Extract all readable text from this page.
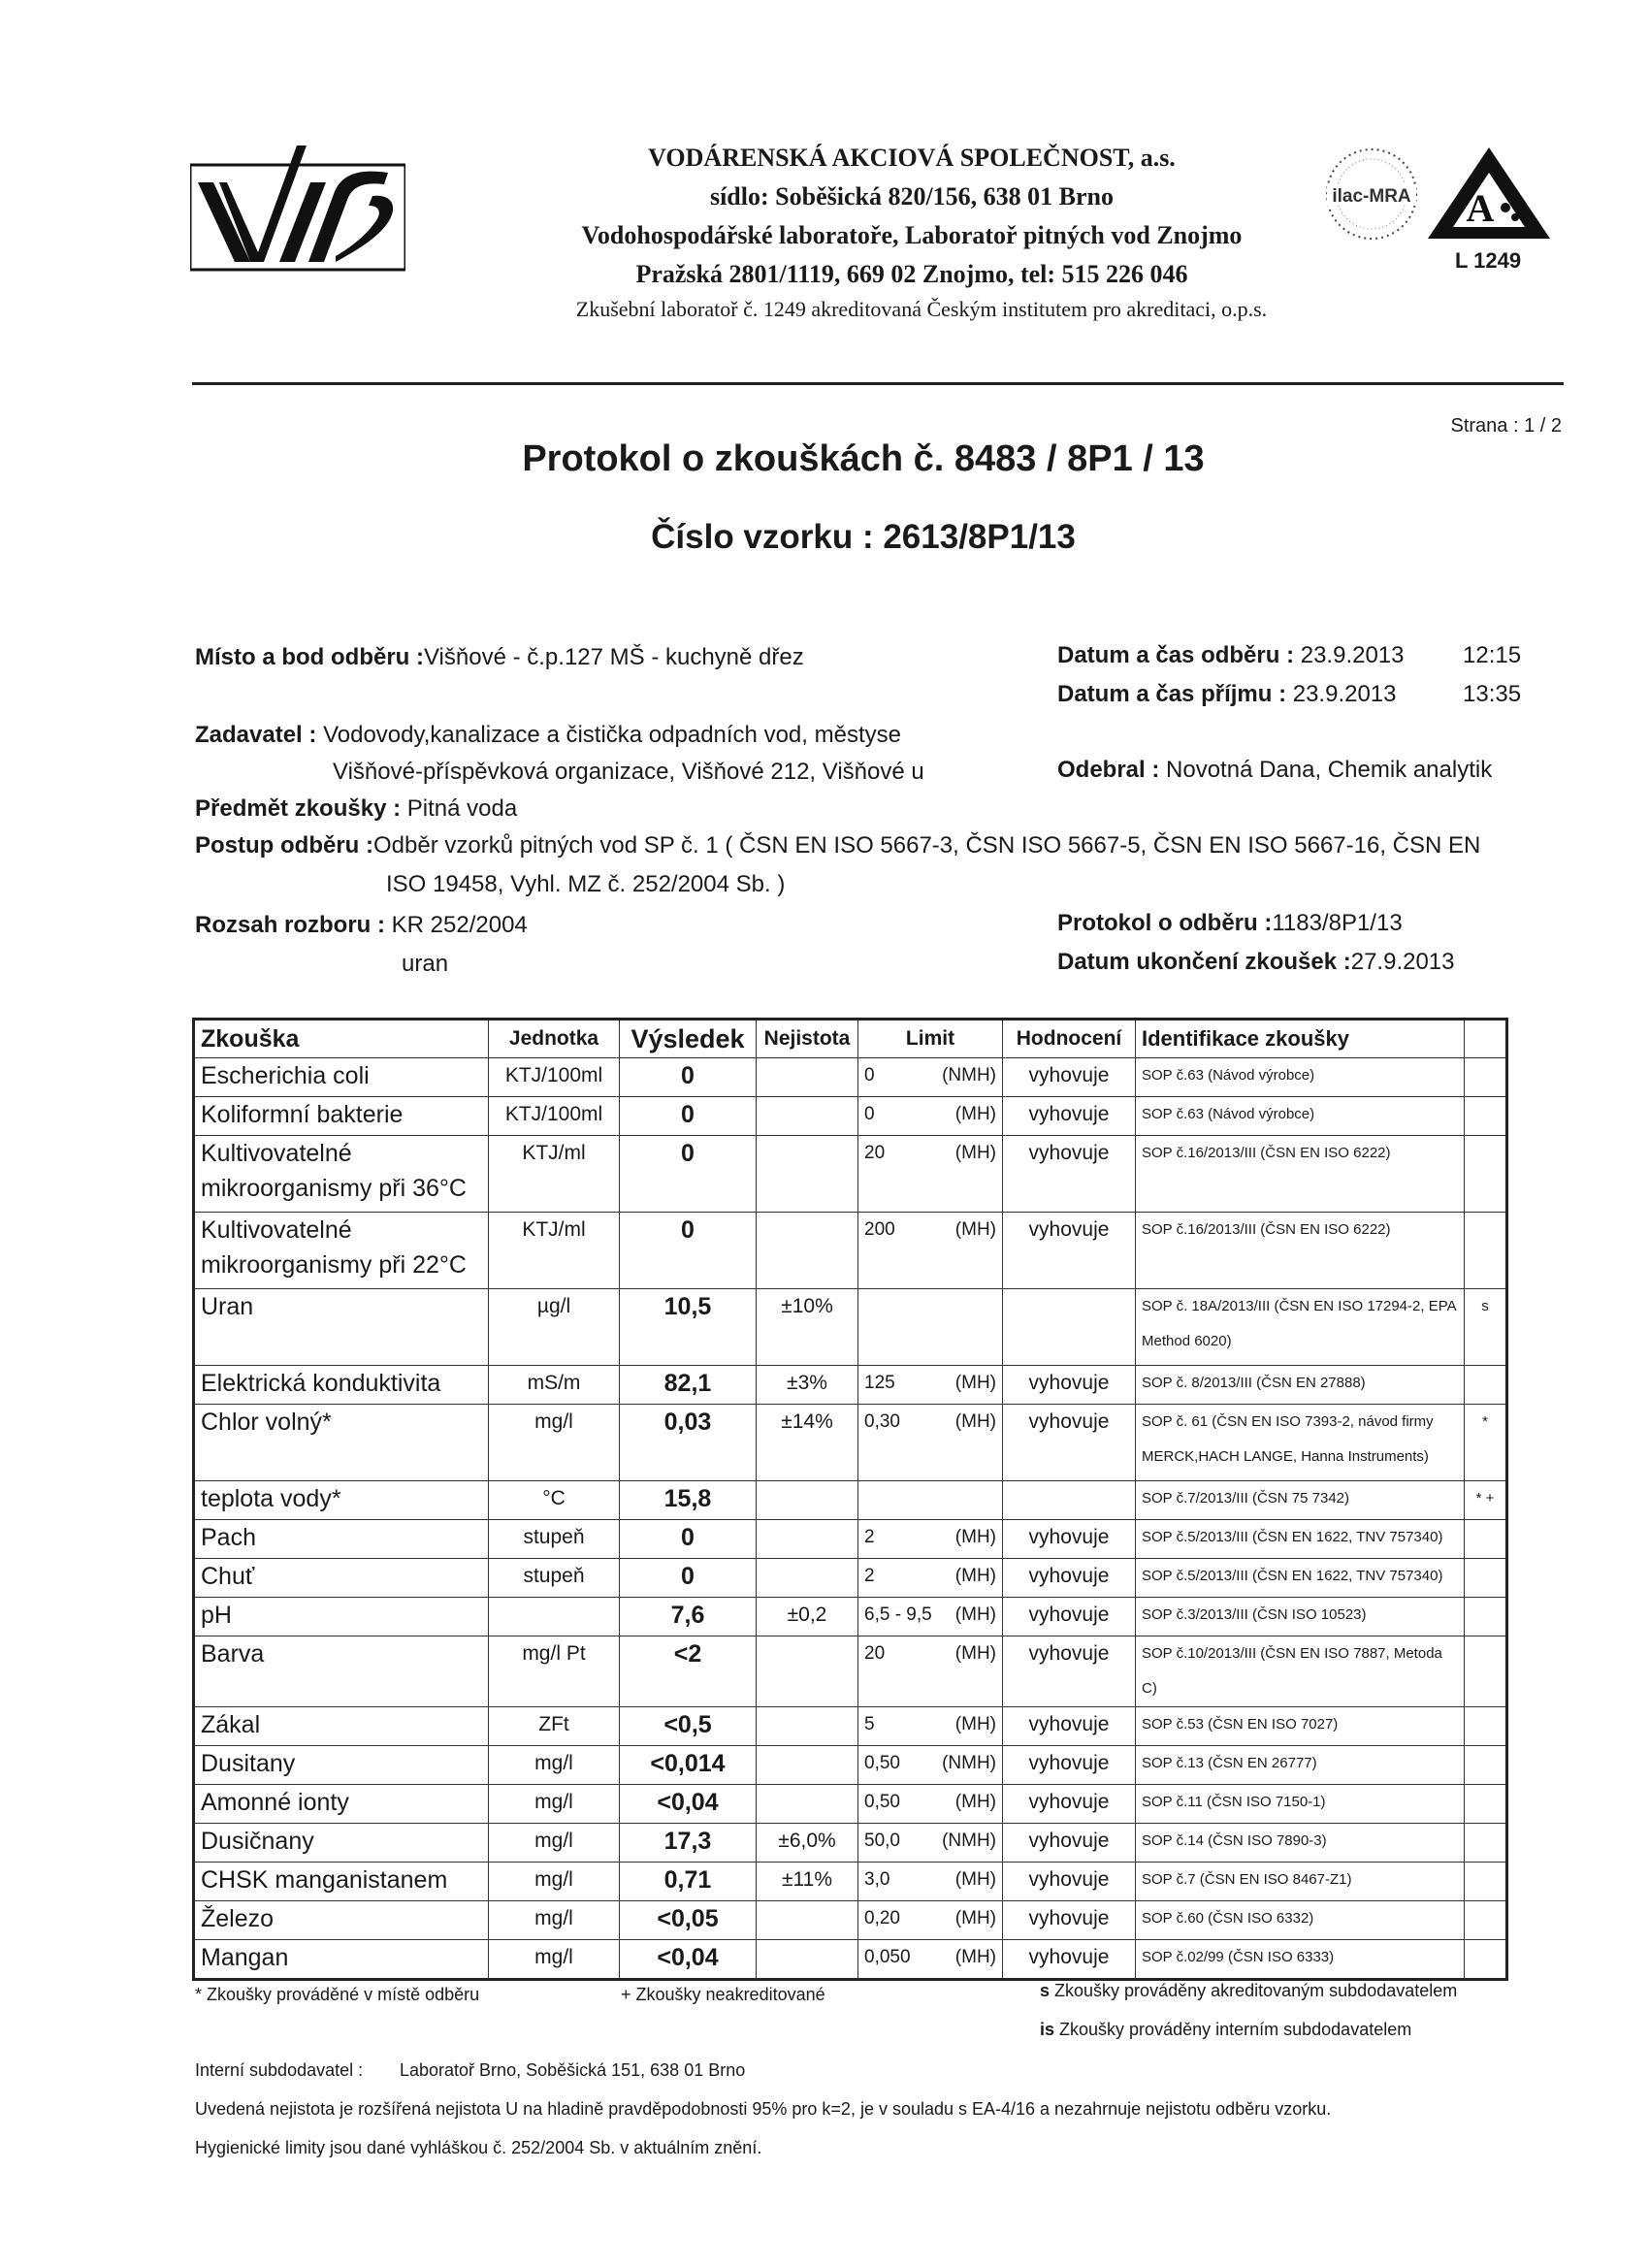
VODÁRENSKÁ AKCIOVÁ SPOLEČNOST, a.s.
sídlo: Soběšická 820/156, 638 01 Brno
Vodohospodářské laboratoře, Laboratoř pitných vod Znojmo
Pražská 2801/1119, 669 02 Znojmo, tel: 515 226 046
Zkušební laboratoř č. 1249 akreditovaná Českým institutem pro akreditaci, o.p.s.
ilac-MRA A
L 1249
Strana : 1 / 2
Protokol o zkouškách č. 8483 / 8P1 / 13
Číslo vzorku : 2613/8P1/13
Místo a bod odběru :Višňové - č.p.127 MŠ - kuchyně dřez	Datum a čas odběru : 23.9.2013	12:15
Datum a čas příjmu : 23.9.2013	13:35
Zadavatel : Vodovody,kanalizace a čistička odpadních vod, městyse
Višňové-příspěvková organizace, Višňové 212, Višňové u	Odebral : Novotná Dana, Chemik analytik
Předmět zkoušky : Pitná voda
Postup odběru :Odběr vzorků pitných vod SP č. 1 ( ČSN EN ISO 5667-3, ČSN ISO 5667-5, ČSN EN ISO 5667-16, ČSN EN
ISO 19458, Vyhl. MZ č. 252/2004 Sb. )
Rozsah rozboru : KR 252/2004
uran
Protokol o odběru :1183/8P1/13
Datum ukončení zkoušek :27.9.2013
Zkouška	Jednotka	Výsledek	Nejistota	Limit	Hodnocení	Identifikace zkoušky	
Escherichia coli	KTJ/100ml	0		0 (NMH)	vyhovuje	SOP č.63 (Návod výrobce)	
Koliformní bakterie	KTJ/100ml	0		0 (MH)	vyhovuje	SOP č.63 (Návod výrobce)	
Kultivovatelné mikroorganismy při 36°C	KTJ/ml	0		20 (MH)	vyhovuje	SOP č.16/2013/III (ČSN EN ISO 6222)	
Kultivovatelné mikroorganismy při 22°C	KTJ/ml	0		200 (MH)	vyhovuje	SOP č.16/2013/III (ČSN EN ISO 6222)	
Uran	µg/l	10,5	±10%			SOP č. 18A/2013/III (ČSN EN ISO 17294-2, EPA Method 6020)	s
Elektrická konduktivita	mS/m	82,1	±3%	125 (MH)	vyhovuje	SOP č. 8/2013/III (ČSN EN 27888)	
Chlor volný*	mg/l	0,03	±14%	0,30 (MH)	vyhovuje	SOP č. 61 (ČSN EN ISO 7393-2, návod firmy MERCK,HACH LANGE, Hanna Instruments)	*
teplota vody*	°C	15,8				SOP č.7/2013/III (ČSN 75 7342)	* +
Pach	stupeň	0		2 (MH)	vyhovuje	SOP č.5/2013/III (ČSN EN 1622, TNV 757340)	
Chuť	stupeň	0		2 (MH)	vyhovuje	SOP č.5/2013/III (ČSN EN 1622, TNV 757340)	
pH		7,6	±0,2	6,5 - 9,5 (MH)	vyhovuje	SOP č.3/2013/III (ČSN ISO 10523)	
Barva	mg/l Pt	<2		20 (MH)	vyhovuje	SOP č.10/2013/III (ČSN EN ISO 7887, Metoda C)	
Zákal	ZFt	<0,5		5 (MH)	vyhovuje	SOP č.53 (ČSN EN ISO 7027)	
Dusitany	mg/l	<0,014		0,50 (NMH)	vyhovuje	SOP č.13 (ČSN EN 26777)	
Amonné ionty	mg/l	<0,04		0,50 (MH)	vyhovuje	SOP č.11 (ČSN ISO 7150-1)	
Dusičnany	mg/l	17,3	±6,0%	50,0 (NMH)	vyhovuje	SOP č.14 (ČSN ISO 7890-3)	
CHSK manganistanem	mg/l	0,71	±11%	3,0 (MH)	vyhovuje	SOP č.7 (ČSN EN ISO 8467-Z1)	
Železo	mg/l	<0,05		0,20 (MH)	vyhovuje	SOP č.60 (ČSN ISO 6332)	
Mangan	mg/l	<0,04		0,050 (MH)	vyhovuje	SOP č.02/99 (ČSN ISO 6333)	
* Zkoušky prováděné v místě odběru	+ Zkoušky neakreditované	s Zkoušky prováděny akreditovaným subdodavatelem
is Zkoušky prováděny interním subdodavatelem
Interní subdodavatel : Laboratoř Brno, Soběšická 151, 638 01 Brno
Uvedená nejistota je rozšířená nejistota U na hladině pravděpodobnosti 95% pro k=2, je v souladu s EA-4/16 a nezahrnuje nejistotu odběru vzorku.
Hygienické limity jsou dané vyhláškou č. 252/2004 Sb. v aktuálním znění.
